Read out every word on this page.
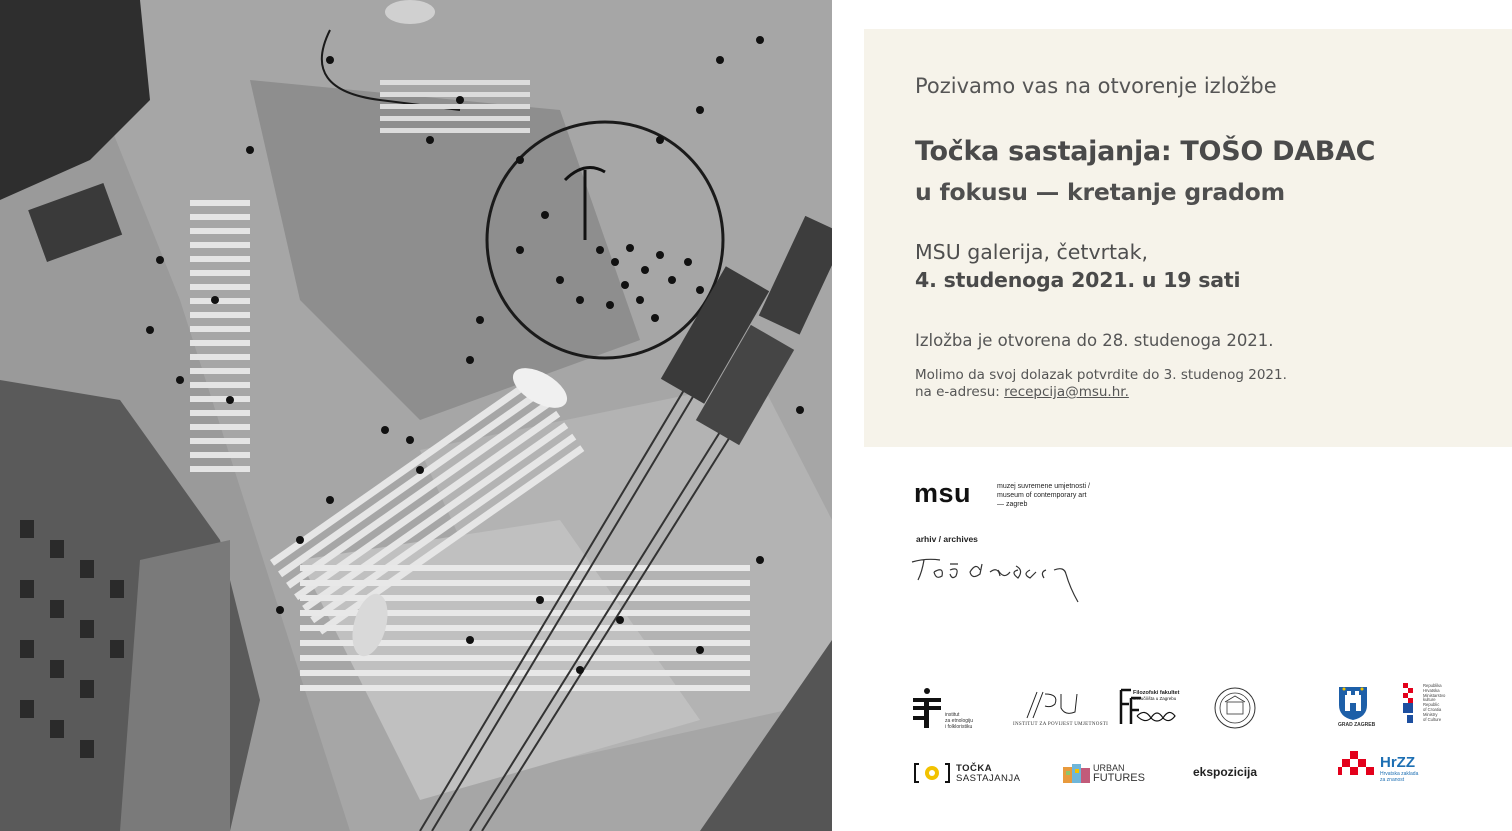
Pozivamo vas na otvorenje izložbe
Točka sastajanja: TOŠO DABAC
u fokusu — kretanje gradom
MSU galerija, četvrtak,
4. studenoga 2021. u 19 sati
Izložba je otvorena do 28. studenoga 2021.
Molimo da svoj dolazak potvrdite do 3. studenog 2021.
na e-adresu: recepcija@msu.hr.
msu	muzej suvremene umjetnosti /
museum of contemporary art
— zagreb
arhiv / archives
institut
za etnologiju
i folkloristiku	INSTITUT ZA POVIJEST UMJETNOSTI
Filozofski fakultet
Sveučilišta u Zagrebu
GRAD ZAGREB
Republika
Hrvatska
Ministarstvo
kulture
Republic
of Croatia
Ministry
of Culture
TOČKA
SASTAJANJA
URBAN
FUTURES	ekspozicija
HrZZ
Hrvatska zaklada
za znanost
